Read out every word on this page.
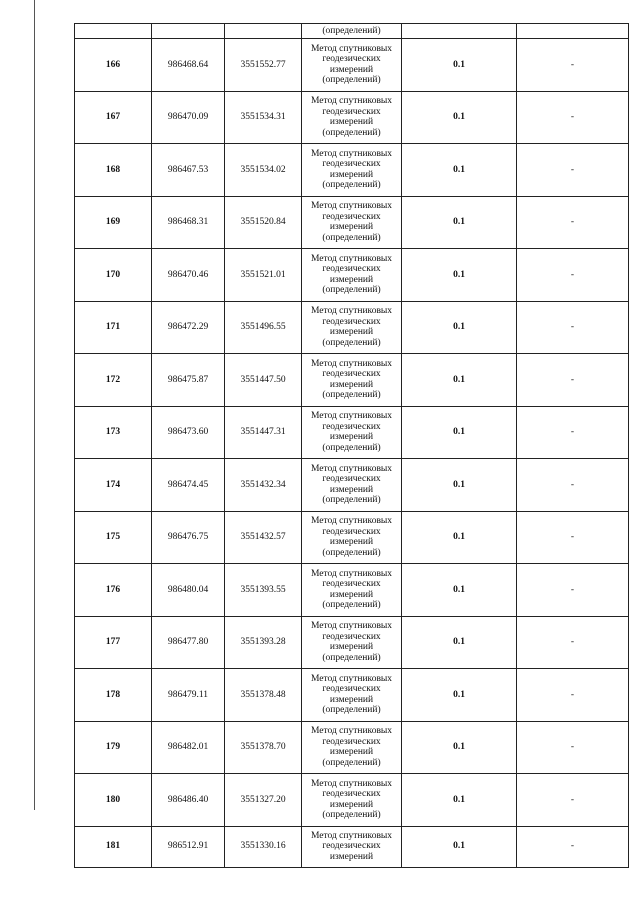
			(определений)		
166	986468.64	3551552.77	Метод спутниковых
геодезических
измерений
(определений)	0.1	-
167	986470.09	3551534.31	Метод спутниковых
геодезических
измерений
(определений)	0.1	-
168	986467.53	3551534.02	Метод спутниковых
геодезических
измерений
(определений)	0.1	-
169	986468.31	3551520.84	Метод спутниковых
геодезических
измерений
(определений)	0.1	-
170	986470.46	3551521.01	Метод спутниковых
геодезических
измерений
(определений)	0.1	-
171	986472.29	3551496.55	Метод спутниковых
геодезических
измерений
(определений)	0.1	-
172	986475.87	3551447.50	Метод спутниковых
геодезических
измерений
(определений)	0.1	-
173	986473.60	3551447.31	Метод спутниковых
геодезических
измерений
(определений)	0.1	-
174	986474.45	3551432.34	Метод спутниковых
геодезических
измерений
(определений)	0.1	-
175	986476.75	3551432.57	Метод спутниковых
геодезических
измерений
(определений)	0.1	-
176	986480.04	3551393.55	Метод спутниковых
геодезических
измерений
(определений)	0.1	-
177	986477.80	3551393.28	Метод спутниковых
геодезических
измерений
(определений)	0.1	-
178	986479.11	3551378.48	Метод спутниковых
геодезических
измерений
(определений)	0.1	-
179	986482.01	3551378.70	Метод спутниковых
геодезических
измерений
(определений)	0.1	-
180	986486.40	3551327.20	Метод спутниковых
геодезических
измерений
(определений)	0.1	-
181	986512.91	3551330.16	Метод спутниковых
геодезических
измерений	0.1	-
